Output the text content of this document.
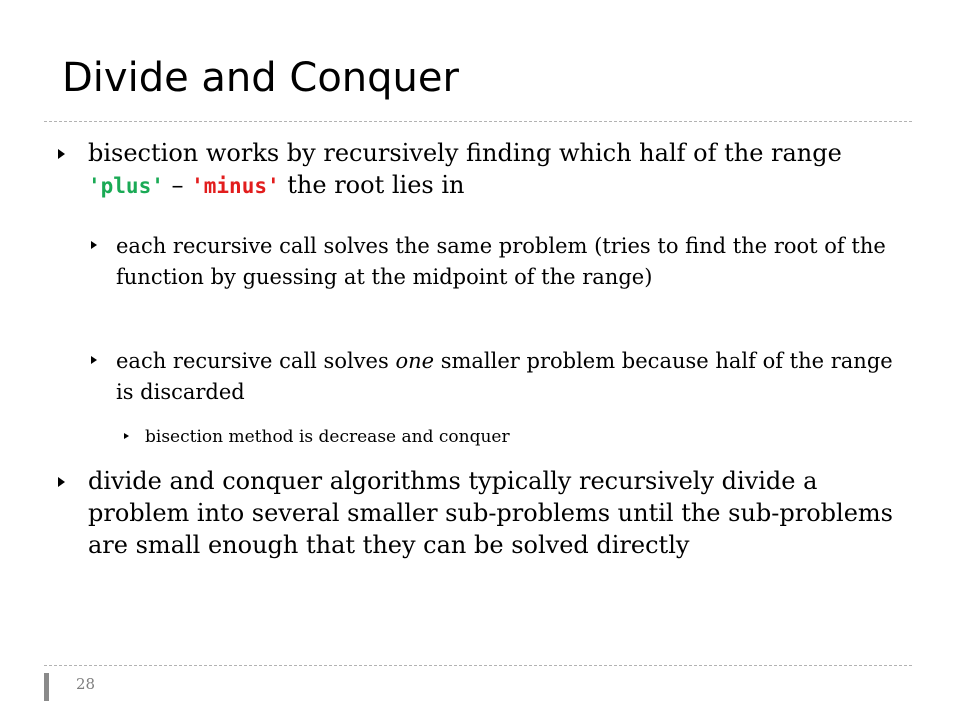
Divide and Conquer
bisection works by recursively finding which half of the range 'plus' – 'minus' the root lies in
each recursive call solves the same problem (tries to find the root of the function by guessing at the midpoint of the range)
each recursive call solves one smaller problem because half of the range is discarded
bisection method is decrease and conquer
divide and conquer algorithms typically recursively divide a problem into several smaller sub-problems until the sub-problems are small enough that they can be solved directly
28
